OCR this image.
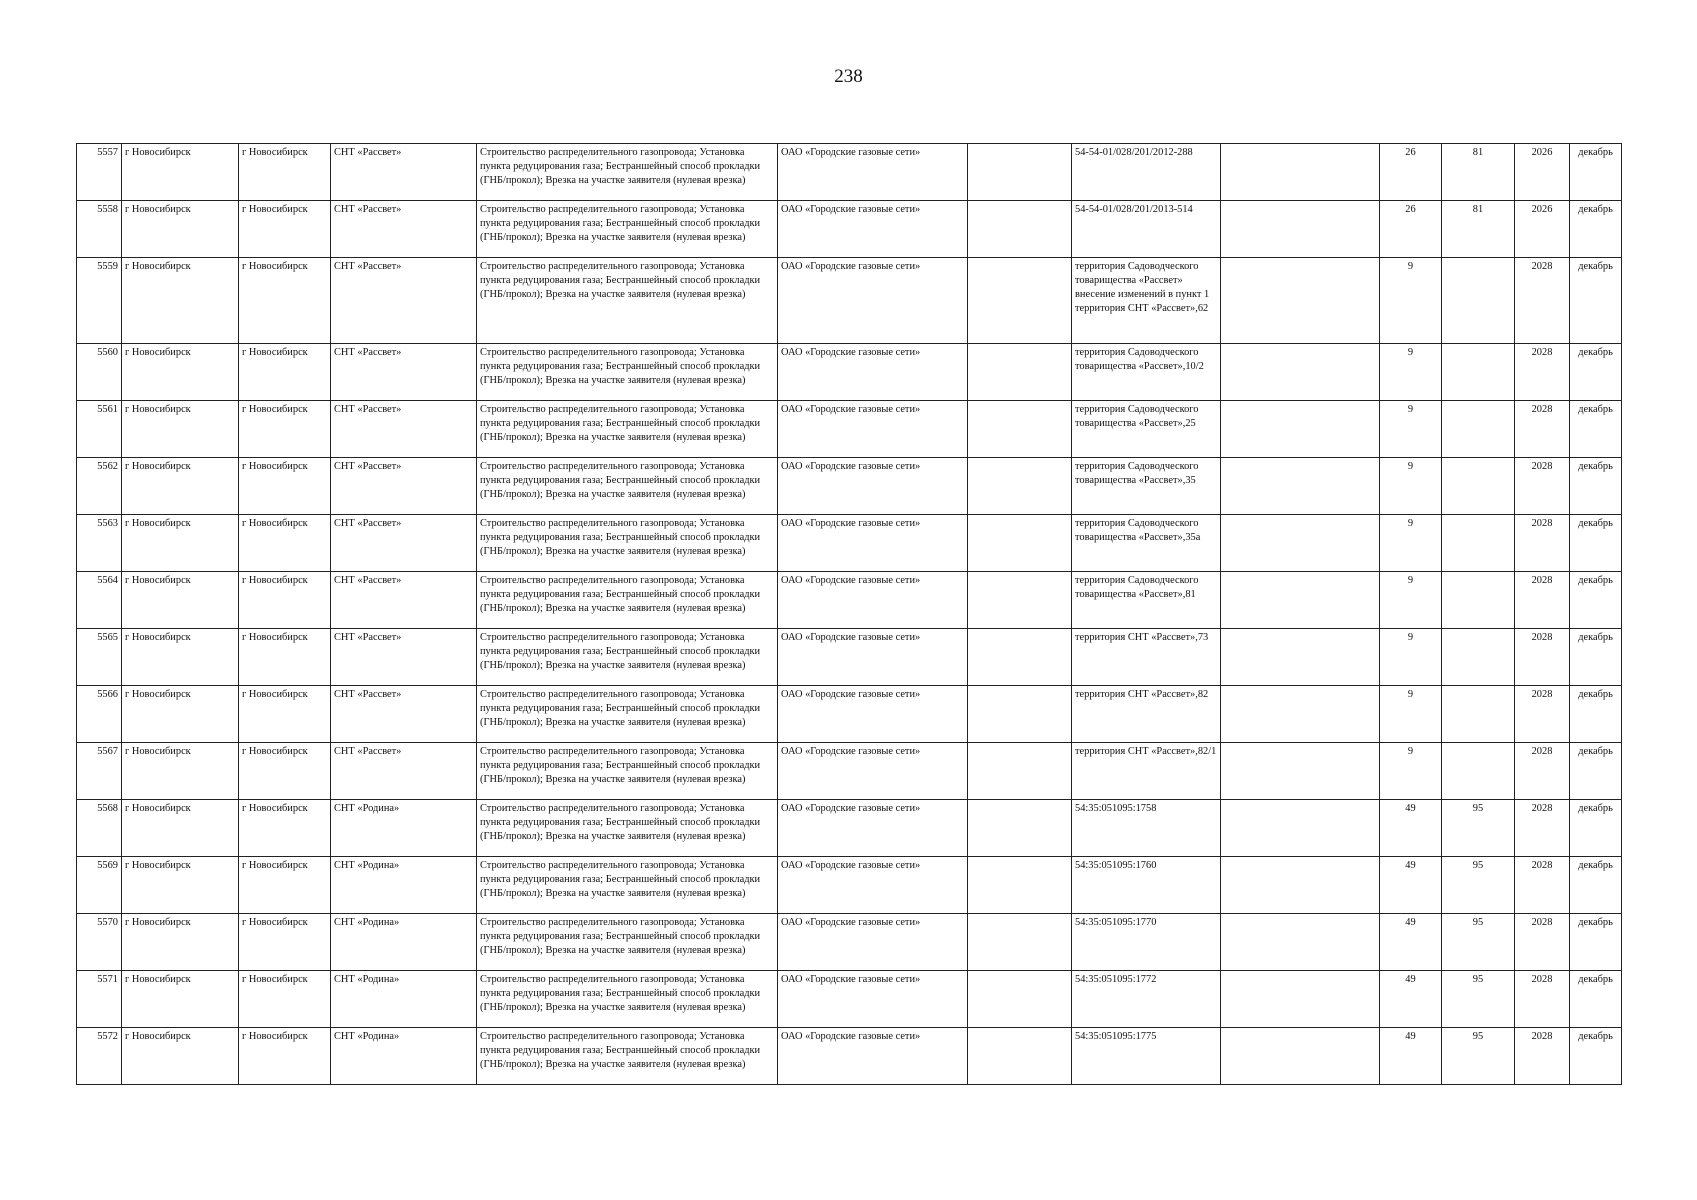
238
5557	г Новосибирск	г Новосибирск	СНТ «Рассвет»	Строительство распределительного газопровода; Установка пункта редуцирования газа; Бестраншейный способ прокладки (ГНБ/прокол); Врезка на участке заявителя (нулевая врезка)	ОАО «Городские газовые сети»		54-54-01/028/201/2012-288		26	81	2026	декабрь
5558	г Новосибирск	г Новосибирск	СНТ «Рассвет»	Строительство распределительного газопровода; Установка пункта редуцирования газа; Бестраншейный способ прокладки (ГНБ/прокол); Врезка на участке заявителя (нулевая врезка)	ОАО «Городские газовые сети»		54-54-01/028/201/2013-514		26	81	2026	декабрь
5559	г Новосибирск	г Новосибирск	СНТ «Рассвет»	Строительство распределительного газопровода; Установка пункта редуцирования газа; Бестраншейный способ прокладки (ГНБ/прокол); Врезка на участке заявителя (нулевая врезка)	ОАО «Городские газовые сети»		территория Садоводческого товарищества «Рассвет» внесение изменений в пункт 1 территория СНТ «Рассвет»,62		9		2028	декабрь
5560	г Новосибирск	г Новосибирск	СНТ «Рассвет»	Строительство распределительного газопровода; Установка пункта редуцирования газа; Бестраншейный способ прокладки (ГНБ/прокол); Врезка на участке заявителя (нулевая врезка)	ОАО «Городские газовые сети»		территория Садоводческого товарищества «Рассвет»,10/2		9		2028	декабрь
5561	г Новосибирск	г Новосибирск	СНТ «Рассвет»	Строительство распределительного газопровода; Установка пункта редуцирования газа; Бестраншейный способ прокладки (ГНБ/прокол); Врезка на участке заявителя (нулевая врезка)	ОАО «Городские газовые сети»		территория Садоводческого товарищества «Рассвет»,25		9		2028	декабрь
5562	г Новосибирск	г Новосибирск	СНТ «Рассвет»	Строительство распределительного газопровода; Установка пункта редуцирования газа; Бестраншейный способ прокладки (ГНБ/прокол); Врезка на участке заявителя (нулевая врезка)	ОАО «Городские газовые сети»		территория Садоводческого товарищества «Рассвет»,35		9		2028	декабрь
5563	г Новосибирск	г Новосибирск	СНТ «Рассвет»	Строительство распределительного газопровода; Установка пункта редуцирования газа; Бестраншейный способ прокладки (ГНБ/прокол); Врезка на участке заявителя (нулевая врезка)	ОАО «Городские газовые сети»		территория Садоводческого товарищества «Рассвет»,35а		9		2028	декабрь
5564	г Новосибирск	г Новосибирск	СНТ «Рассвет»	Строительство распределительного газопровода; Установка пункта редуцирования газа; Бестраншейный способ прокладки (ГНБ/прокол); Врезка на участке заявителя (нулевая врезка)	ОАО «Городские газовые сети»		территория Садоводческого товарищества «Рассвет»,81		9		2028	декабрь
5565	г Новосибирск	г Новосибирск	СНТ «Рассвет»	Строительство распределительного газопровода; Установка пункта редуцирования газа; Бестраншейный способ прокладки (ГНБ/прокол); Врезка на участке заявителя (нулевая врезка)	ОАО «Городские газовые сети»		территория СНТ «Рассвет»,73		9		2028	декабрь
5566	г Новосибирск	г Новосибирск	СНТ «Рассвет»	Строительство распределительного газопровода; Установка пункта редуцирования газа; Бестраншейный способ прокладки (ГНБ/прокол); Врезка на участке заявителя (нулевая врезка)	ОАО «Городские газовые сети»		территория СНТ «Рассвет»,82		9		2028	декабрь
5567	г Новосибирск	г Новосибирск	СНТ «Рассвет»	Строительство распределительного газопровода; Установка пункта редуцирования газа; Бестраншейный способ прокладки (ГНБ/прокол); Врезка на участке заявителя (нулевая врезка)	ОАО «Городские газовые сети»		территория СНТ «Рассвет»,82/1		9		2028	декабрь
5568	г Новосибирск	г Новосибирск	СНТ «Родина»	Строительство распределительного газопровода; Установка пункта редуцирования газа; Бестраншейный способ прокладки (ГНБ/прокол); Врезка на участке заявителя (нулевая врезка)	ОАО «Городские газовые сети»		54:35:051095:1758		49	95	2028	декабрь
5569	г Новосибирск	г Новосибирск	СНТ «Родина»	Строительство распределительного газопровода; Установка пункта редуцирования газа; Бестраншейный способ прокладки (ГНБ/прокол); Врезка на участке заявителя (нулевая врезка)	ОАО «Городские газовые сети»		54:35:051095:1760		49	95	2028	декабрь
5570	г Новосибирск	г Новосибирск	СНТ «Родина»	Строительство распределительного газопровода; Установка пункта редуцирования газа; Бестраншейный способ прокладки (ГНБ/прокол); Врезка на участке заявителя (нулевая врезка)	ОАО «Городские газовые сети»		54:35:051095:1770		49	95	2028	декабрь
5571	г Новосибирск	г Новосибирск	СНТ «Родина»	Строительство распределительного газопровода; Установка пункта редуцирования газа; Бестраншейный способ прокладки (ГНБ/прокол); Врезка на участке заявителя (нулевая врезка)	ОАО «Городские газовые сети»		54:35:051095:1772		49	95	2028	декабрь
5572	г Новосибирск	г Новосибирск	СНТ «Родина»	Строительство распределительного газопровода; Установка пункта редуцирования газа; Бестраншейный способ прокладки (ГНБ/прокол); Врезка на участке заявителя (нулевая врезка)	ОАО «Городские газовые сети»		54:35:051095:1775		49	95	2028	декабрь
